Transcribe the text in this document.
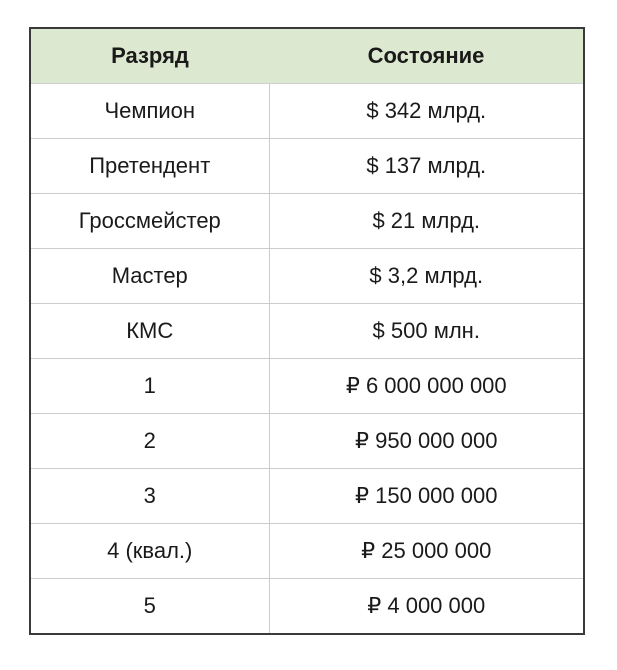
Разряд	Состояние
Чемпион	$ 342 млрд.
Претендент	$ 137 млрд.
Гроссмейстер	$ 21 млрд.
Мастер	$ 3,2 млрд.
КМС	$ 500 млн.
1	₽ 6 000 000 000
2	₽ 950 000 000
3	₽ 150 000 000
4 (квал.)	₽ 25 000 000
5	₽ 4 000 000
